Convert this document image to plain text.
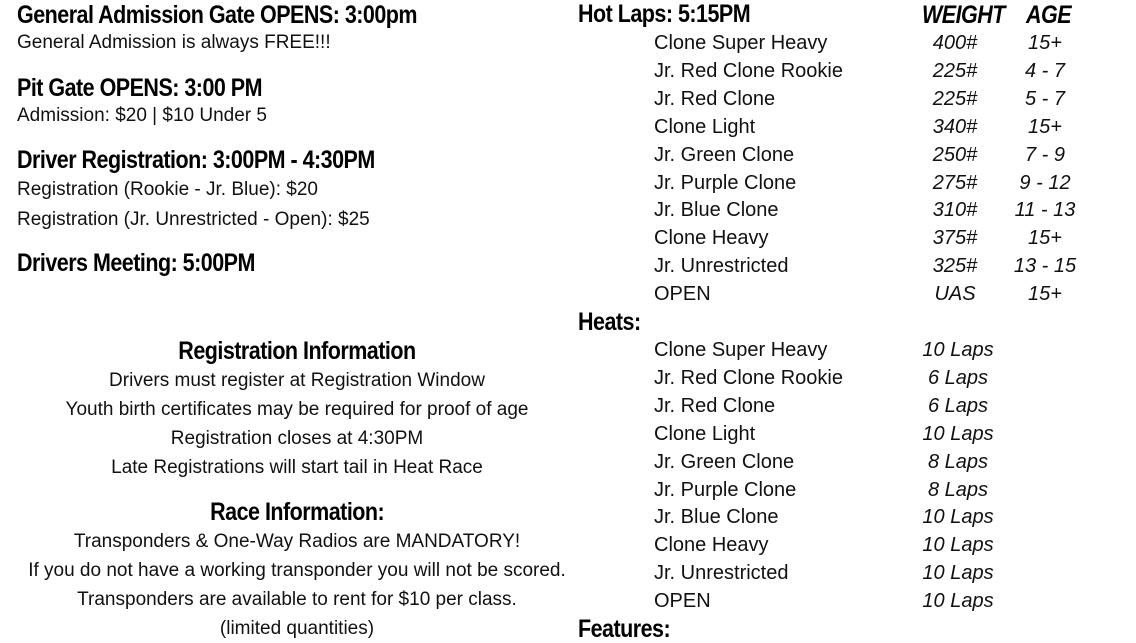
General Admission Gate OPENS: 3:00pm
General Admission is always FREE!!!
Pit Gate OPENS: 3:00 PM
Admission: $20 | $10 Under 5
Driver Registration: 3:00PM - 4:30PM
Registration (Rookie - Jr. Blue): $20
Registration (Jr. Unrestricted - Open): $25
Drivers Meeting: 5:00PM
Registration Information
Drivers must register at Registration Window
Youth birth certificates may be required for proof of age
Registration closes at 4:30PM
Late Registrations will start tail in Heat Race
Race Information:
Transponders & One-Way Radios are MANDATORY!
If you do not have a working transponder you will not be scored.
Transponders are available to rent for $10 per class.
(limited quantities)
Hot Laps: 5:15PM	WEIGHT AGE
Clone Super Heavy	400#	15+
Jr. Red Clone Rookie	225#	4 - 7
Jr. Red Clone	225#	5 - 7
Clone Light	340#	15+
Jr. Green Clone	250#	7 - 9
Jr. Purple Clone	275#	9 - 12
Jr. Blue Clone	310#	11 - 13
Clone Heavy	375#	15+
Jr. Unrestricted	325#	13 - 15
OPEN	UAS	15+
Heats:
Clone Super Heavy	10 Laps
Jr. Red Clone Rookie	6 Laps
Jr. Red Clone	6 Laps
Clone Light	10 Laps
Jr. Green Clone	8 Laps
Jr. Purple Clone	8 Laps
Jr. Blue Clone	10 Laps
Clone Heavy	10 Laps
Jr. Unrestricted	10 Laps
OPEN	10 Laps
Features:
